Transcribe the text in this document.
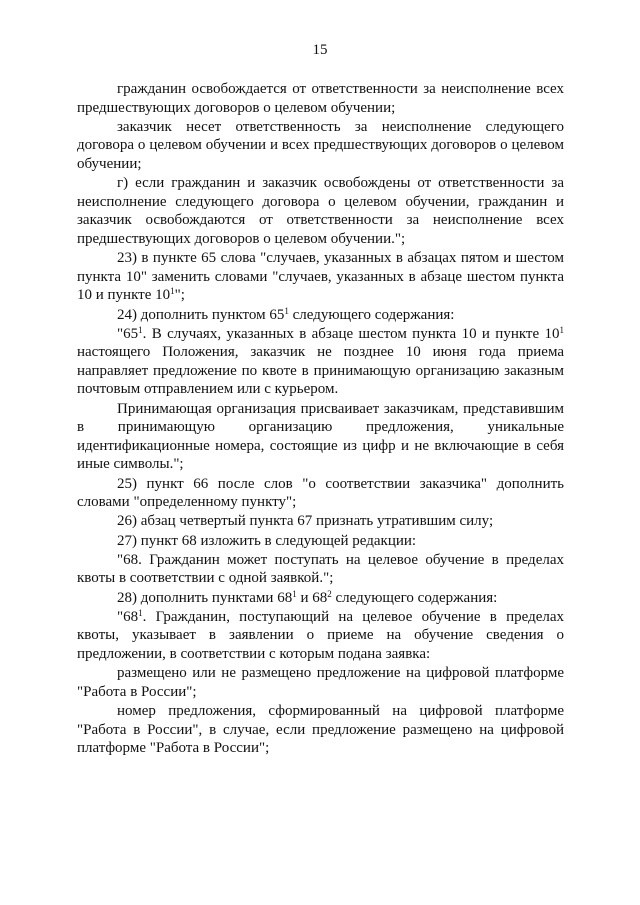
15

гражданин освобождается от ответственности за неисполнение всех предшествующих договоров о целевом обучении;

заказчик несет ответственность за неисполнение следующего договора о целевом обучении и всех предшествующих договоров о целевом обучении;

г) если гражданин и заказчик освобождены от ответственности за неисполнение следующего договора о целевом обучении, гражданин и заказчик освобождаются от ответственности за неисполнение всех предшествующих договоров о целевом обучении.";

23) в пункте 65 слова "случаев, указанных в абзацах пятом и шестом пункта 10" заменить словами "случаев, указанных в абзаце шестом пункта 10 и пункте $10^1$";

24) дополнить пунктом $65^1$ следующего содержания:

"$65^1$. В случаях, указанных в абзаце шестом пункта 10 и пункте $10^1$ настоящего Положения, заказчик не позднее 10 июня года приема направляет предложение по квоте в принимающую организацию заказным почтовым отправлением или с курьером.

Принимающая организация присваивает заказчикам, представившим в принимающую организацию предложения, уникальные идентификационные номера, состоящие из цифр и не включающие в себя иные символы.";

25) пункт 66 после слов "о соответствии заказчика" дополнить словами "определенному пункту";

26) абзац четвертый пункта 67 признать утратившим силу;

27) пункт 68 изложить в следующей редакции:

"68. Гражданин может поступать на целевое обучение в пределах квоты в соответствии с одной заявкой.";

28) дополнить пунктами $68^1$ и $68^2$ следующего содержания:

"$68^1$. Гражданин, поступающий на целевое обучение в пределах квоты, указывает в заявлении о приеме на обучение сведения о предложении, в соответствии с которым подана заявка:

размещено или не размещено предложение на цифровой платформе "Работа в России";

номер предложения, сформированный на цифровой платформе "Работа в России", в случае, если предложение размещено на цифровой платформе "Работа в России";
